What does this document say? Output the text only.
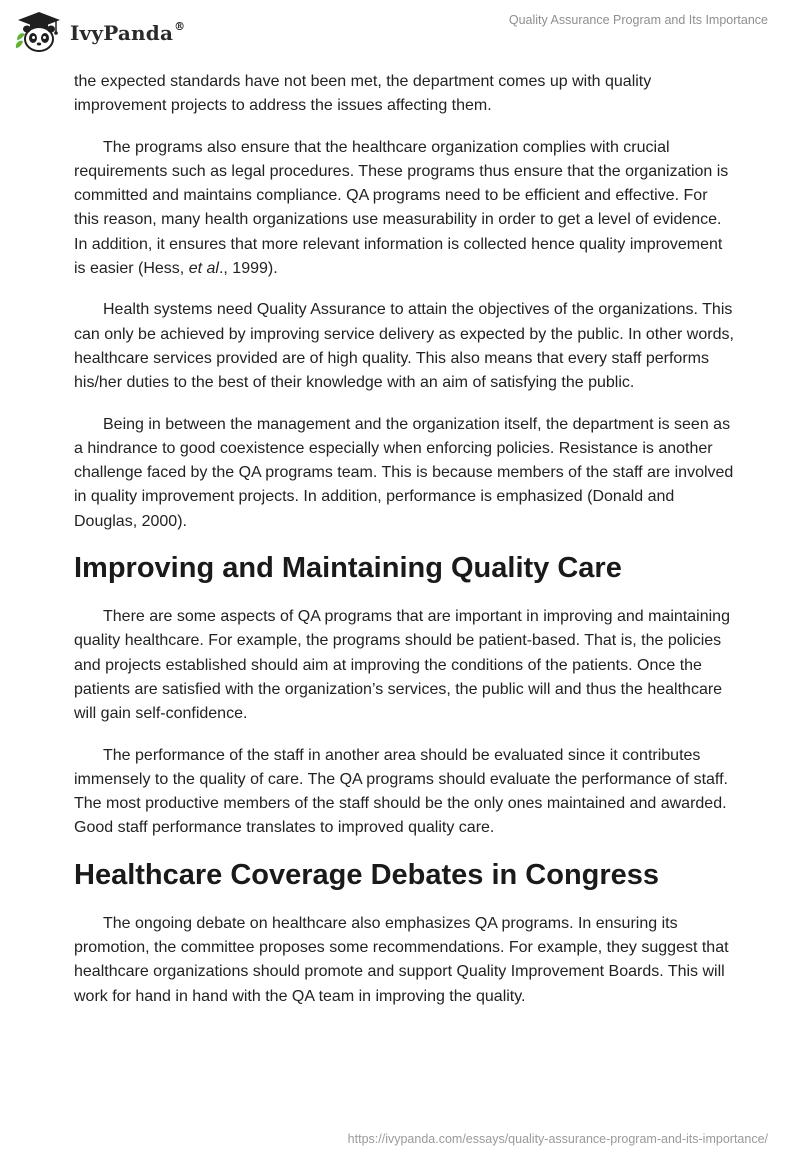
IvyPanda®	Quality Assurance Program and Its Importance

the expected standards have not been met, the department comes up with quality improvement projects to address the issues affecting them.

The programs also ensure that the healthcare organization complies with crucial requirements such as legal procedures. These programs thus ensure that the organization is committed and maintains compliance. QA programs need to be efficient and effective. For this reason, many health organizations use measurability in order to get a level of evidence. In addition, it ensures that more relevant information is collected hence quality improvement is easier (Hess, et al., 1999).

Health systems need Quality Assurance to attain the objectives of the organizations. This can only be achieved by improving service delivery as expected by the public. In other words, healthcare services provided are of high quality. This also means that every staff performs his/her duties to the best of their knowledge with an aim of satisfying the public.

Being in between the management and the organization itself, the department is seen as a hindrance to good coexistence especially when enforcing policies. Resistance is another challenge faced by the QA programs team. This is because members of the staff are involved in quality improvement projects. In addition, performance is emphasized (Donald and Douglas, 2000).

Improving and Maintaining Quality Care

There are some aspects of QA programs that are important in improving and maintaining quality healthcare. For example, the programs should be patient-based. That is, the policies and projects established should aim at improving the conditions of the patients. Once the patients are satisfied with the organization’s services, the public will and thus the healthcare will gain self-confidence.

The performance of the staff in another area should be evaluated since it contributes immensely to the quality of care. The QA programs should evaluate the performance of staff. The most productive members of the staff should be the only ones maintained and awarded. Good staff performance translates to improved quality care.

Healthcare Coverage Debates in Congress

The ongoing debate on healthcare also emphasizes QA programs. In ensuring its promotion, the committee proposes some recommendations. For example, they suggest that healthcare organizations should promote and support Quality Improvement Boards. This will work for hand in hand with the QA team in improving the quality.

https://ivypanda.com/essays/quality-assurance-program-and-its-importance/
